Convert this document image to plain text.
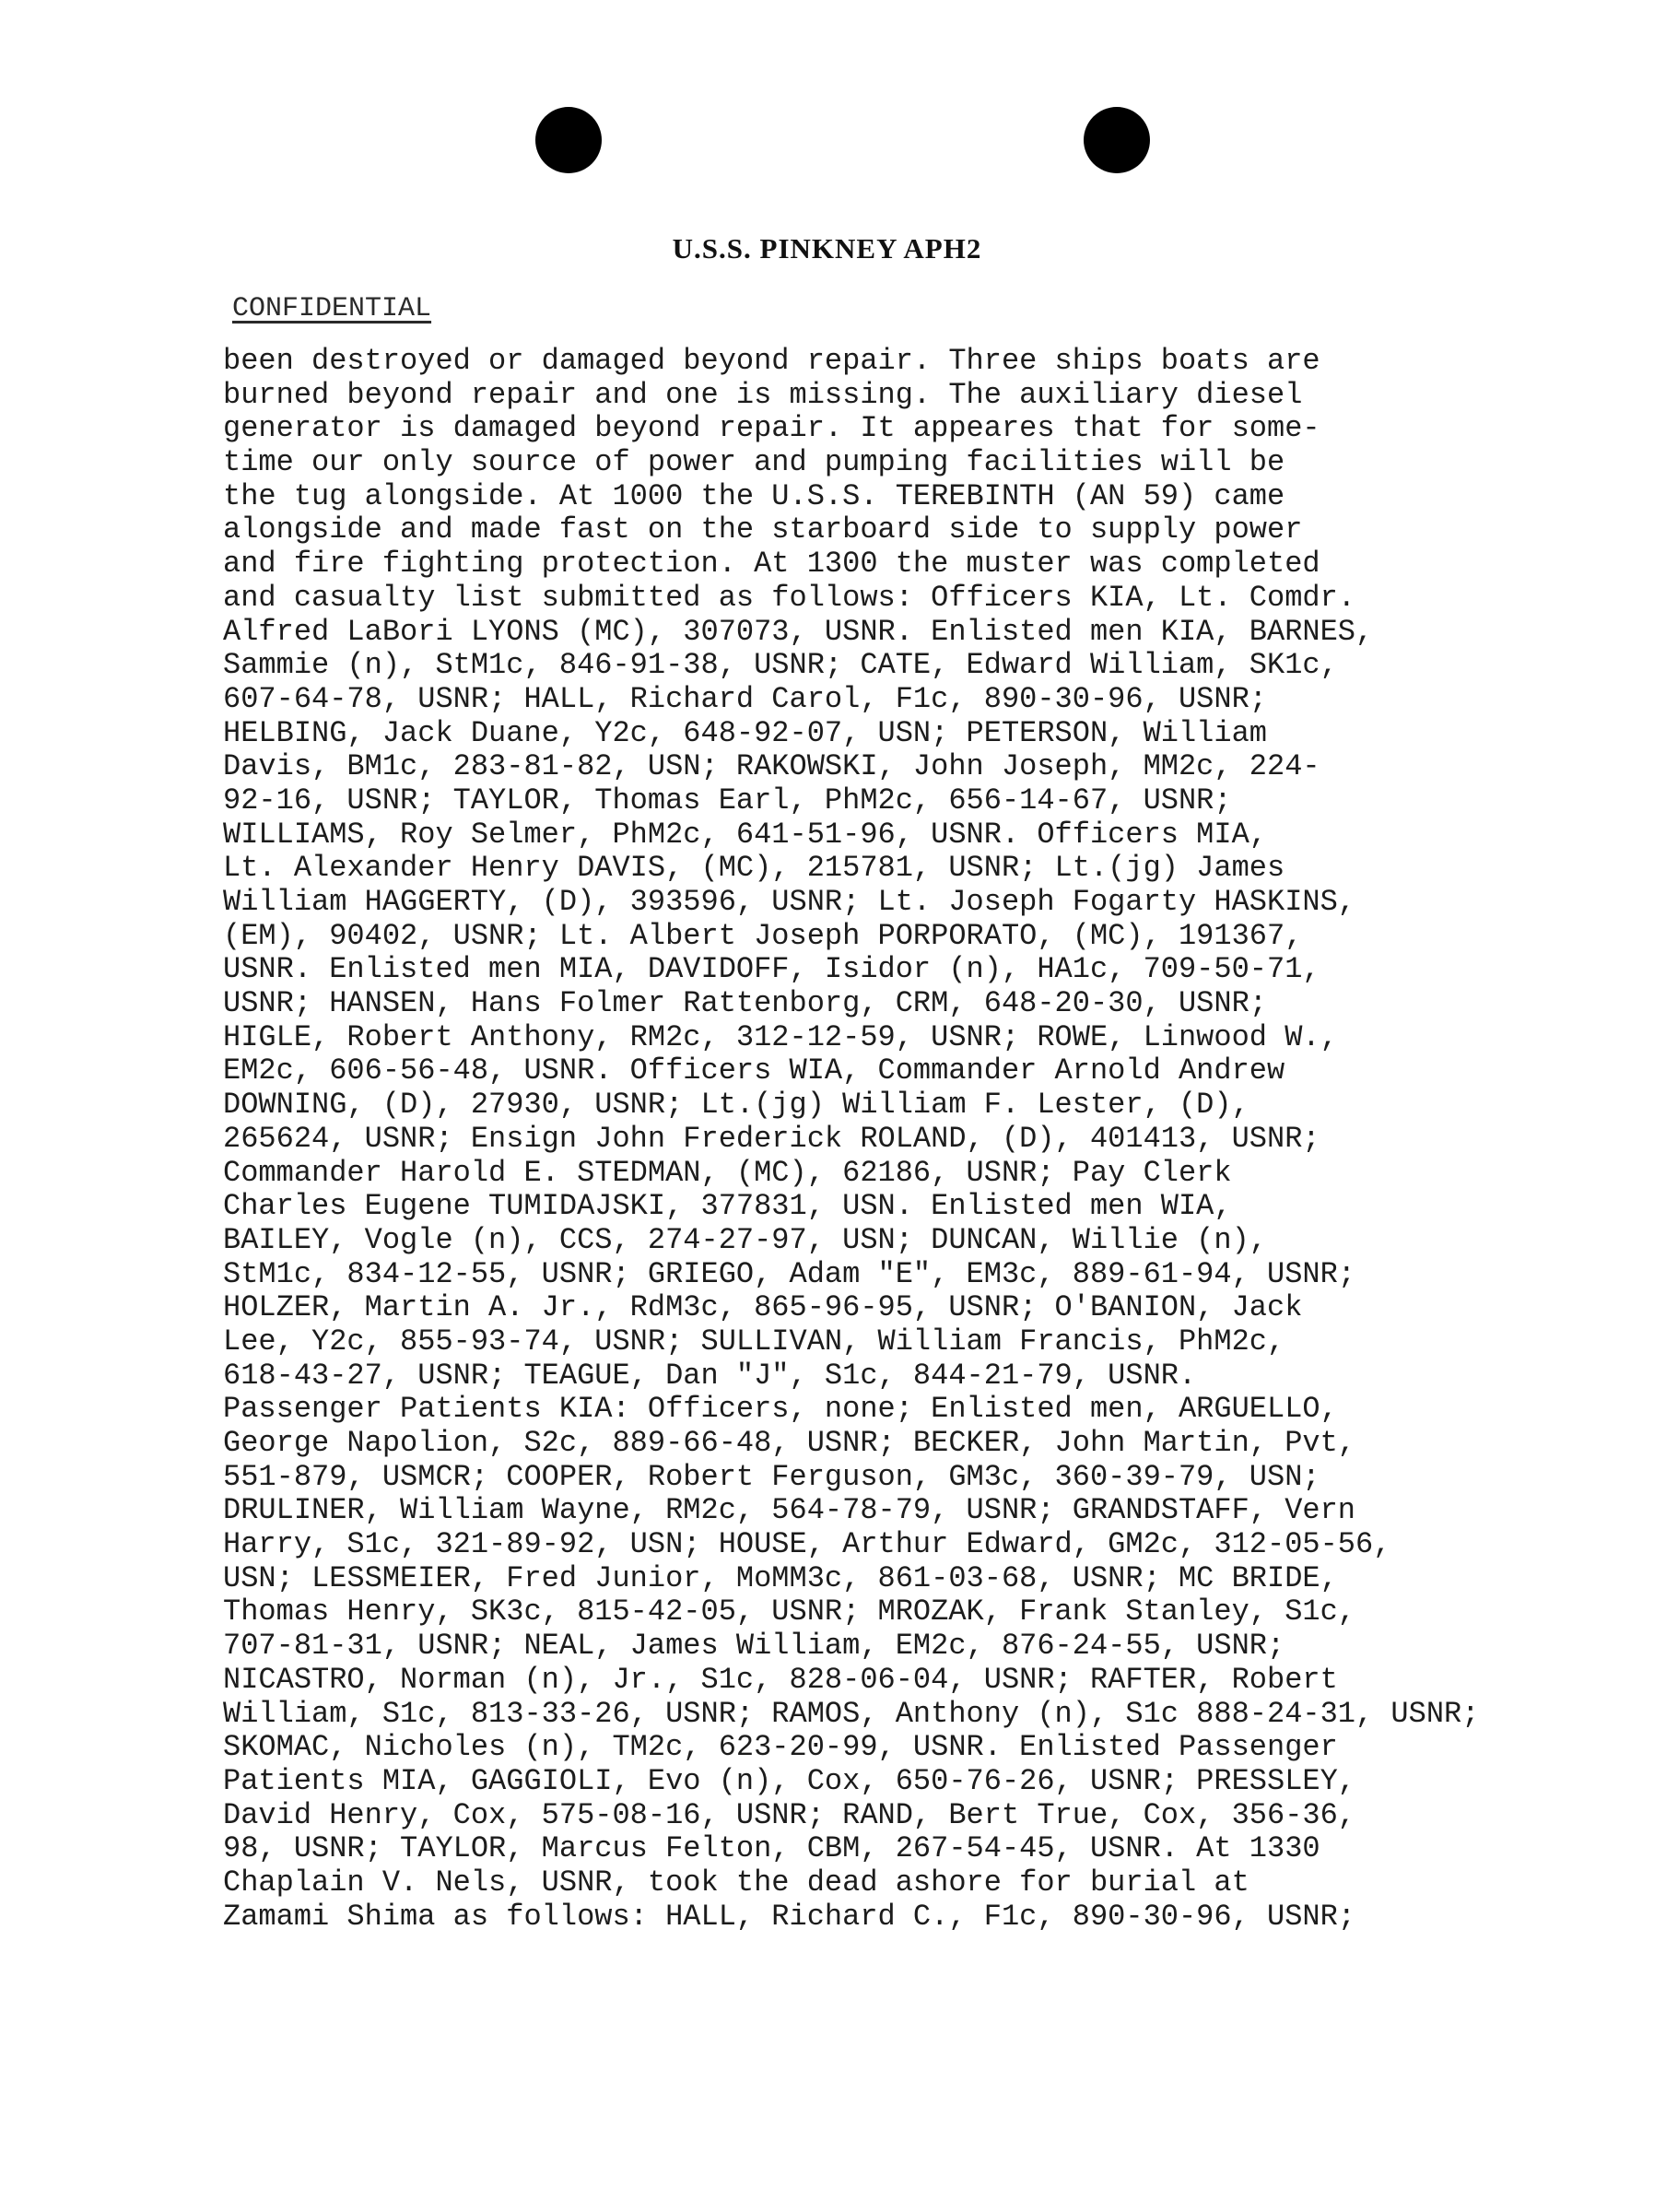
U.S.S. PINKNEY APH2
CONFIDENTIAL
been destroyed or damaged beyond repair. Three ships boats are
burned beyond repair and one is missing. The auxiliary diesel
generator is damaged beyond repair. It appeares that for some-
time our only source of power and pumping facilities will be
the tug alongside. At 1000 the U.S.S. TEREBINTH (AN 59) came
alongside and made fast on the starboard side to supply power
and fire fighting protection. At 1300 the muster was completed
and casualty list submitted as follows: Officers KIA, Lt. Comdr.
Alfred LaBori LYONS (MC), 307073, USNR. Enlisted men KIA, BARNES,
Sammie (n), StM1c, 846-91-38, USNR; CATE, Edward William, SK1c,
607-64-78, USNR; HALL, Richard Carol, F1c, 890-30-96, USNR;
HELBING, Jack Duane, Y2c, 648-92-07, USN; PETERSON, William
Davis, BM1c, 283-81-82, USN; RAKOWSKI, John Joseph, MM2c, 224-
92-16, USNR; TAYLOR, Thomas Earl, PhM2c, 656-14-67, USNR;
WILLIAMS, Roy Selmer, PhM2c, 641-51-96, USNR. Officers MIA,
Lt. Alexander Henry DAVIS, (MC), 215781, USNR; Lt.(jg) James
William HAGGERTY, (D), 393596, USNR; Lt. Joseph Fogarty HASKINS,
(EM), 90402, USNR; Lt. Albert Joseph PORPORATO, (MC), 191367,
USNR. Enlisted men MIA, DAVIDOFF, Isidor (n), HA1c, 709-50-71,
USNR; HANSEN, Hans Folmer Rattenborg, CRM, 648-20-30, USNR;
HIGLE, Robert Anthony, RM2c, 312-12-59, USNR; ROWE, Linwood W.,
EM2c, 606-56-48, USNR. Officers WIA, Commander Arnold Andrew
DOWNING, (D), 27930, USNR; Lt.(jg) William F. Lester, (D),
265624, USNR; Ensign John Frederick ROLAND, (D), 401413, USNR;
Commander Harold E. STEDMAN, (MC), 62186, USNR; Pay Clerk
Charles Eugene TUMIDAJSKI, 377831, USN. Enlisted men WIA,
BAILEY, Vogle (n), CCS, 274-27-97, USN; DUNCAN, Willie (n),
StM1c, 834-12-55, USNR; GRIEGO, Adam "E", EM3c, 889-61-94, USNR;
HOLZER, Martin A. Jr., RdM3c, 865-96-95, USNR; O'BANION, Jack
Lee, Y2c, 855-93-74, USNR; SULLIVAN, William Francis, PhM2c,
618-43-27, USNR; TEAGUE, Dan "J", S1c, 844-21-79, USNR.
Passenger Patients KIA: Officers, none; Enlisted men, ARGUELLO,
George Napolion, S2c, 889-66-48, USNR; BECKER, John Martin, Pvt,
551-879, USMCR; COOPER, Robert Ferguson, GM3c, 360-39-79, USN;
DRULINER, William Wayne, RM2c, 564-78-79, USNR; GRANDSTAFF, Vern
Harry, S1c, 321-89-92, USN; HOUSE, Arthur Edward, GM2c, 312-05-56,
USN; LESSMEIER, Fred Junior, MoMM3c, 861-03-68, USNR; MC BRIDE,
Thomas Henry, SK3c, 815-42-05, USNR; MROZAK, Frank Stanley, S1c,
707-81-31, USNR; NEAL, James William, EM2c, 876-24-55, USNR;
NICASTRO, Norman (n), Jr., S1c, 828-06-04, USNR; RAFTER, Robert
William, S1c, 813-33-26, USNR; RAMOS, Anthony (n), S1c 888-24-31, USNR;
SKOMAC, Nicholes (n), TM2c, 623-20-99, USNR. Enlisted Passenger
Patients MIA, GAGGIOLI, Evo (n), Cox, 650-76-26, USNR; PRESSLEY,
David Henry, Cox, 575-08-16, USNR; RAND, Bert True, Cox, 356-36,
98, USNR; TAYLOR, Marcus Felton, CBM, 267-54-45, USNR. At 1330
Chaplain V. Nels, USNR, took the dead ashore for burial at
Zamami Shima as follows: HALL, Richard C., F1c, 890-30-96, USNR;
